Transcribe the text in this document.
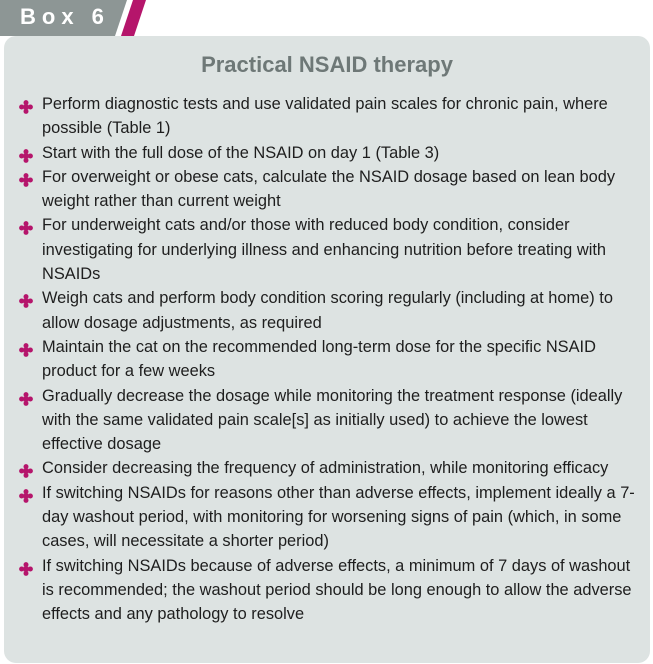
Box 6
Practical NSAID therapy
Perform diagnostic tests and use validated pain scales for chronic pain, where possible (Table 1)
Start with the full dose of the NSAID on day 1 (Table 3)
For overweight or obese cats, calculate the NSAID dosage based on lean body weight rather than current weight
For underweight cats and/or those with reduced body condition, consider investigating for underlying illness and enhancing nutrition before treating with NSAIDs
Weigh cats and perform body condition scoring regularly (including at home) to allow dosage adjustments, as required
Maintain the cat on the recommended long-term dose for the specific NSAID product for a few weeks
Gradually decrease the dosage while monitoring the treatment response (ideally with the same validated pain scale[s] as initially used) to achieve the lowest effective dosage
Consider decreasing the frequency of administration, while monitoring efficacy
If switching NSAIDs for reasons other than adverse effects, implement ideally a 7-day washout period, with monitoring for worsening signs of pain (which, in some cases, will necessitate a shorter period)
If switching NSAIDs because of adverse effects, a minimum of 7 days of washout is recommended; the washout period should be long enough to allow the adverse effects and any pathology to resolve
